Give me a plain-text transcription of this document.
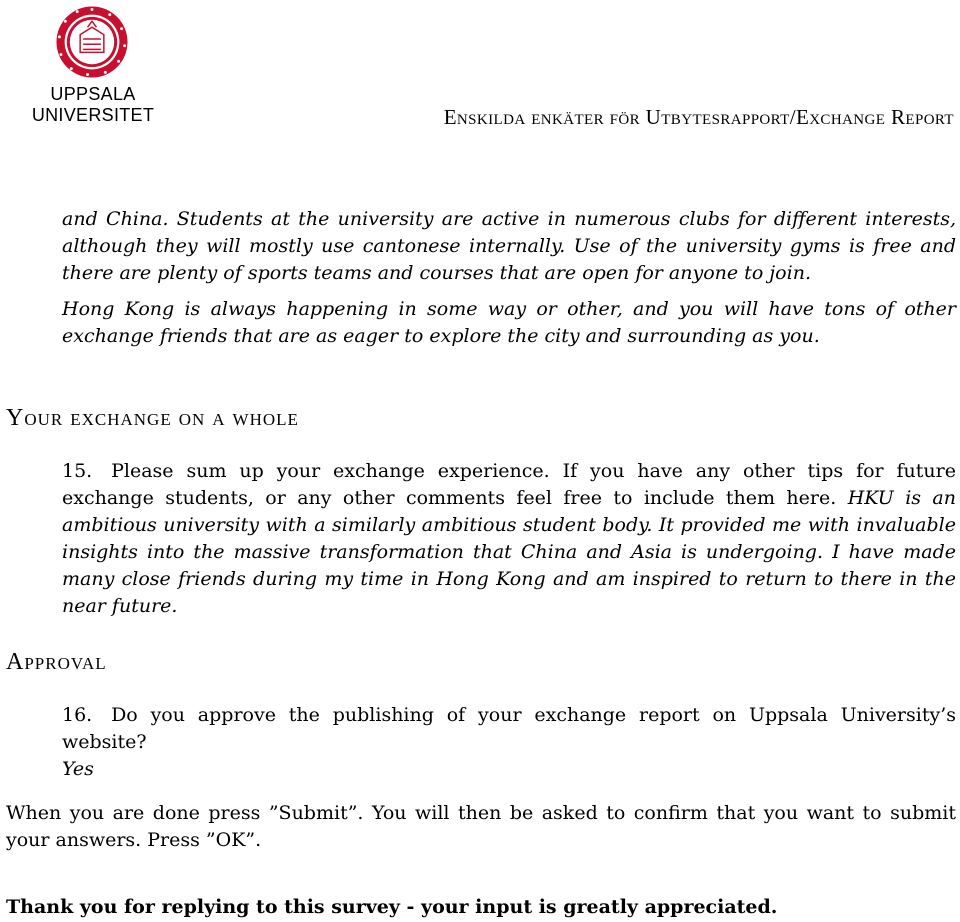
UPPSALA
UNIVERSITET	Enskilda enkäter för Utbytesrapport/Exchange Report

and China. Students at the university are active in numerous clubs for different interests, although they will mostly use cantonese internally. Use of the university gyms is free and there are plenty of sports teams and courses that are open for anyone to join.

Hong Kong is always happening in some way or other, and you will have tons of other exchange friends that are as eager to explore the city and surrounding as you.

Your exchange on a whole
15. Please sum up your exchange experience. If you have any other tips for future exchange students, or any other comments feel free to include them here. HKU is an ambitious university with a similarly ambitious student body. It provided me with invaluable insights into the massive transformation that China and Asia is undergoing. I have made many close friends during my time in Hong Kong and am inspired to return to there in the near future.
Approval
16. Do you approve the publishing of your exchange report on Uppsala University’s website?
Yes

When you are done press ”Submit”. You will then be asked to confirm that you want to submit your answers. Press ”OK”.

Thank you for replying to this survey - your input is greatly appreciated.
